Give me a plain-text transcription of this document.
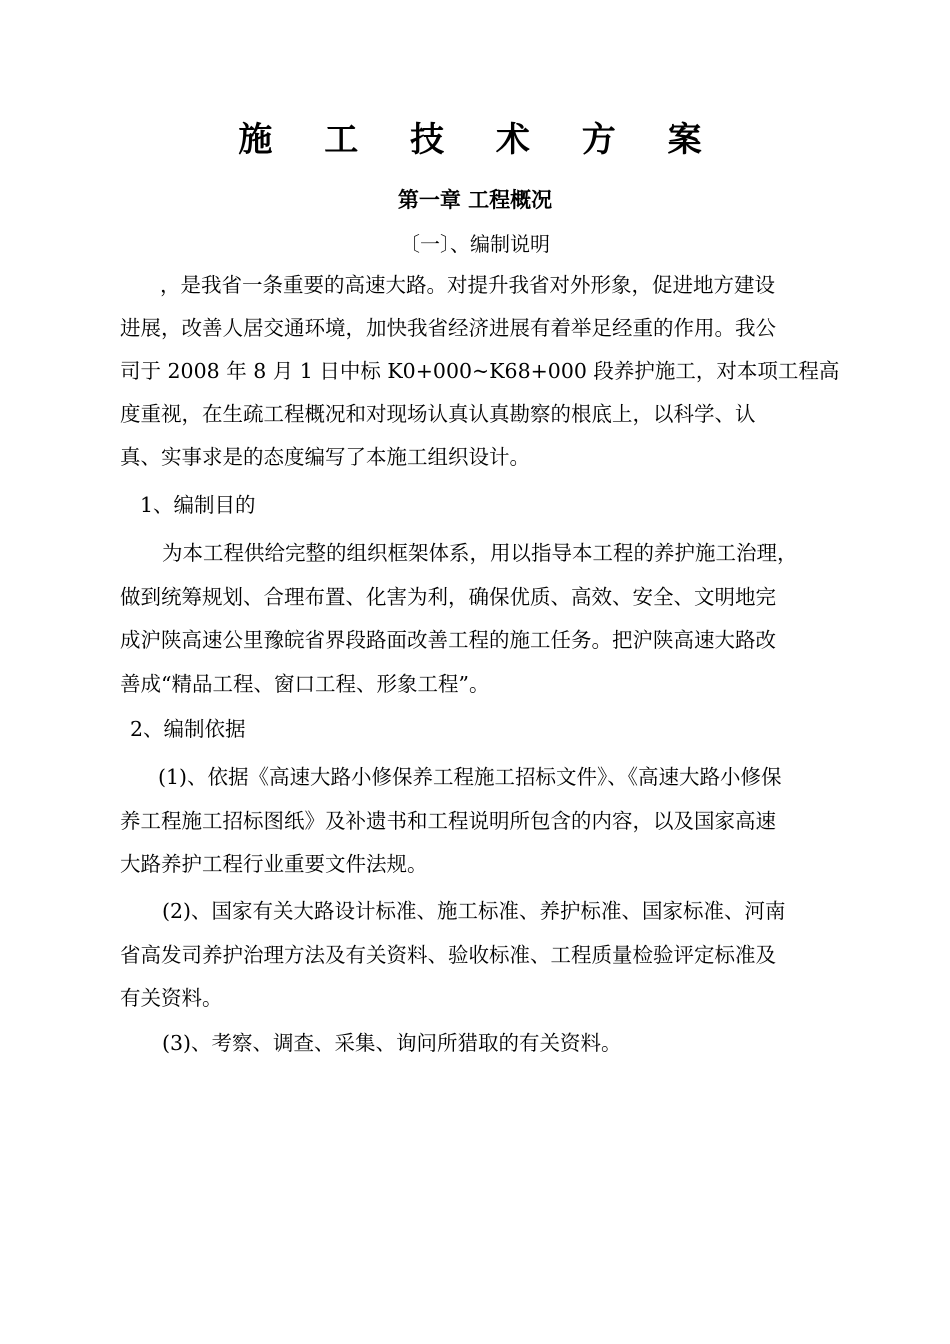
施 工 技 术 方 案
第一章 工程概况
〔一〕、编制说明
，是我省一条重要的高速大路。对提升我省对外形象，促进地方建设
进展，改善人居交通环境，加快我省经济进展有着举足经重的作用。我公
司于 2008 年 8 月 1 日中标 K0+000~K68+000 段养护施工，对本项工程高
度重视，在生疏工程概况和对现场认真认真勘察的根底上，以科学、认
真、实事求是的态度编写了本施工组织设计。
1、编制目的
为本工程供给完整的组织框架体系，用以指导本工程的养护施工治理，
做到统筹规划、合理布置、化害为利，确保优质、高效、安全、文明地完
成沪陕高速公里豫皖省界段路面改善工程的施工任务。把沪陕高速大路改
善成“精品工程、窗口工程、形象工程”。
2、编制依据
(1)、依据《高速大路小修保养工程施工招标文件》、《高速大路小修保
养工程施工招标图纸》及补遗书和工程说明所包含的内容，以及国家高速
大路养护工程行业重要文件法规。
(2)、国家有关大路设计标准、施工标准、养护标准、国家标准、河南
省高发司养护治理方法及有关资料、验收标准、工程质量检验评定标准及
有关资料。
(3)、考察、调查、采集、询问所猎取的有关资料。
